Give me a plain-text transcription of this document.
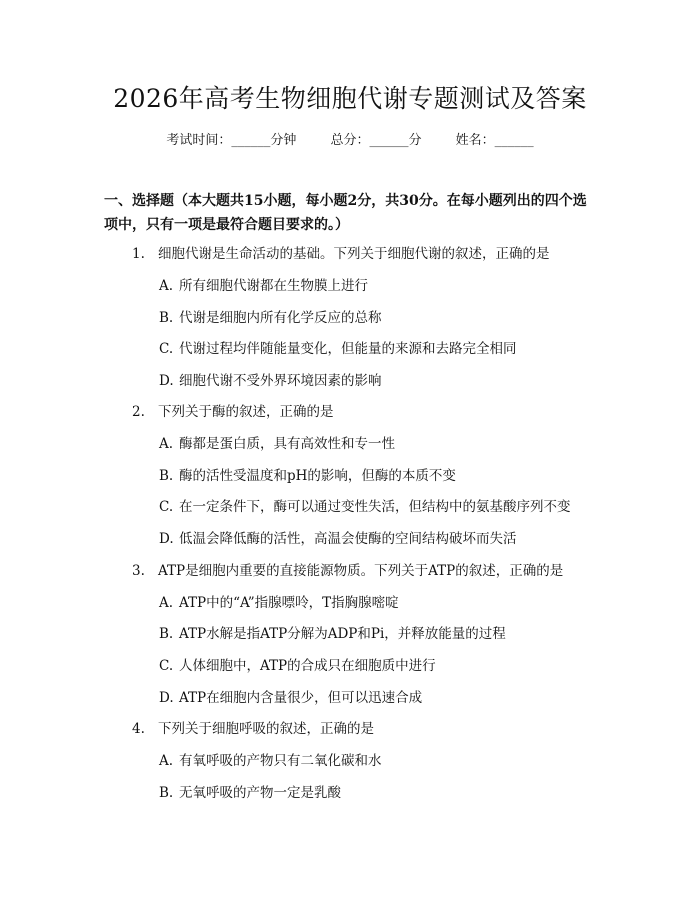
2026年高考生物细胞代谢专题测试及答案
考试时间：______分钟	总分：______分	姓名：______
一、选择题（本大题共15小题，每小题2分，共30分。在每小题列出的四个选项中，只有一项是最符合题目要求的。）
1. 细胞代谢是生命活动的基础。下列关于细胞代谢的叙述，正确的是
A. 所有细胞代谢都在生物膜上进行
B. 代谢是细胞内所有化学反应的总称
C. 代谢过程均伴随能量变化，但能量的来源和去路完全相同
D. 细胞代谢不受外界环境因素的影响
2. 下列关于酶的叙述，正确的是
A. 酶都是蛋白质，具有高效性和专一性
B. 酶的活性受温度和pH的影响，但酶的本质不变
C. 在一定条件下，酶可以通过变性失活，但结构中的氨基酸序列不变
D. 低温会降低酶的活性，高温会使酶的空间结构破坏而失活
3. ATP是细胞内重要的直接能源物质。下列关于ATP的叙述，正确的是
A. ATP中的“A”指腺嘌呤，T指胸腺嘧啶
B. ATP水解是指ATP分解为ADP和Pi，并释放能量的过程
C. 人体细胞中，ATP的合成只在细胞质中进行
D. ATP在细胞内含量很少，但可以迅速合成
4. 下列关于细胞呼吸的叙述，正确的是
A. 有氧呼吸的产物只有二氧化碳和水
B. 无氧呼吸的产物一定是乳酸
